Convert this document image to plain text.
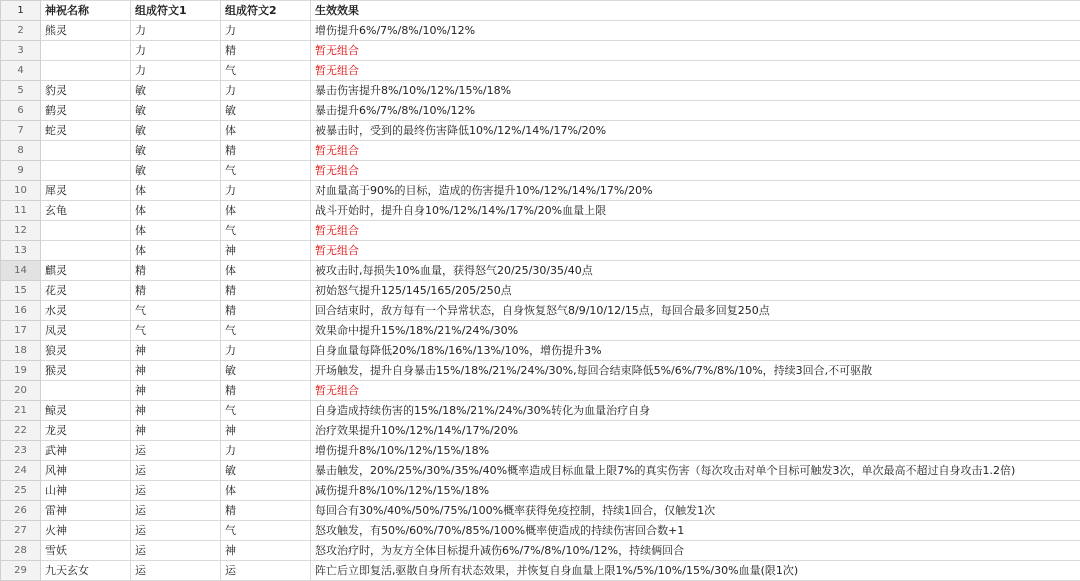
1	神祝名称	组成符文1	组成符文2	生效效果
2	熊灵	力	力	增伤提升6%/7%/8%/10%/12%
3		力	精	暂无组合
4		力	气	暂无组合
5	豹灵	敏	力	暴击伤害提升8%/10%/12%/15%/18%
6	鹤灵	敏	敏	暴击提升6%/7%/8%/10%/12%
7	蛇灵	敏	体	被暴击时，受到的最终伤害降低10%/12%/14%/17%/20%
8		敏	精	暂无组合
9		敏	气	暂无组合
10	犀灵	体	力	对血量高于90%的目标，造成的伤害提升10%/12%/14%/17%/20%
11	玄龟	体	体	战斗开始时，提升自身10%/12%/14%/17%/20%血量上限
12		体	气	暂无组合
13		体	神	暂无组合
14	麒灵	精	体	被攻击时,每损失10%血量，获得怒气20/25/30/35/40点
15	花灵	精	精	初始怒气提升125/145/165/205/250点
16	水灵	气	精	回合结束时，敌方每有一个异常状态，自身恢复怒气8/9/10/12/15点，每回合最多回复250点
17	凤灵	气	气	效果命中提升15%/18%/21%/24%/30%
18	狼灵	神	力	自身血量每降低20%/18%/16%/13%/10%，增伤提升3%
19	猴灵	神	敏	开场触发，提升自身暴击15%/18%/21%/24%/30%,每回合结束降低5%/6%/7%/8%/10%，持续3回合,不可驱散
20		神	精	暂无组合
21	鲸灵	神	气	自身造成持续伤害的15%/18%/21%/24%/30%转化为血量治疗自身
22	龙灵	神	神	治疗效果提升10%/12%/14%/17%/20%
23	武神	运	力	增伤提升8%/10%/12%/15%/18%
24	风神	运	敏	暴击触发，20%/25%/30%/35%/40%概率造成目标血量上限7%的真实伤害（每次攻击对单个目标可触发3次，单次最高不超过自身攻击1.2倍)
25	山神	运	体	减伤提升8%/10%/12%/15%/18%
26	雷神	运	精	每回合有30%/40%/50%/75%/100%概率获得免疫控制，持续1回合，仅触发1次
27	火神	运	气	怒攻触发，有50%/60%/70%/85%/100%概率使造成的持续伤害回合数+1
28	雪妖	运	神	怒攻治疗时，为友方全体目标提升减伤6%/7%/8%/10%/12%，持续俩回合
29	九天玄女	运	运	阵亡后立即复活,驱散自身所有状态效果，并恢复自身血量上限1%/5%/10%/15%/30%血量(限1次)
